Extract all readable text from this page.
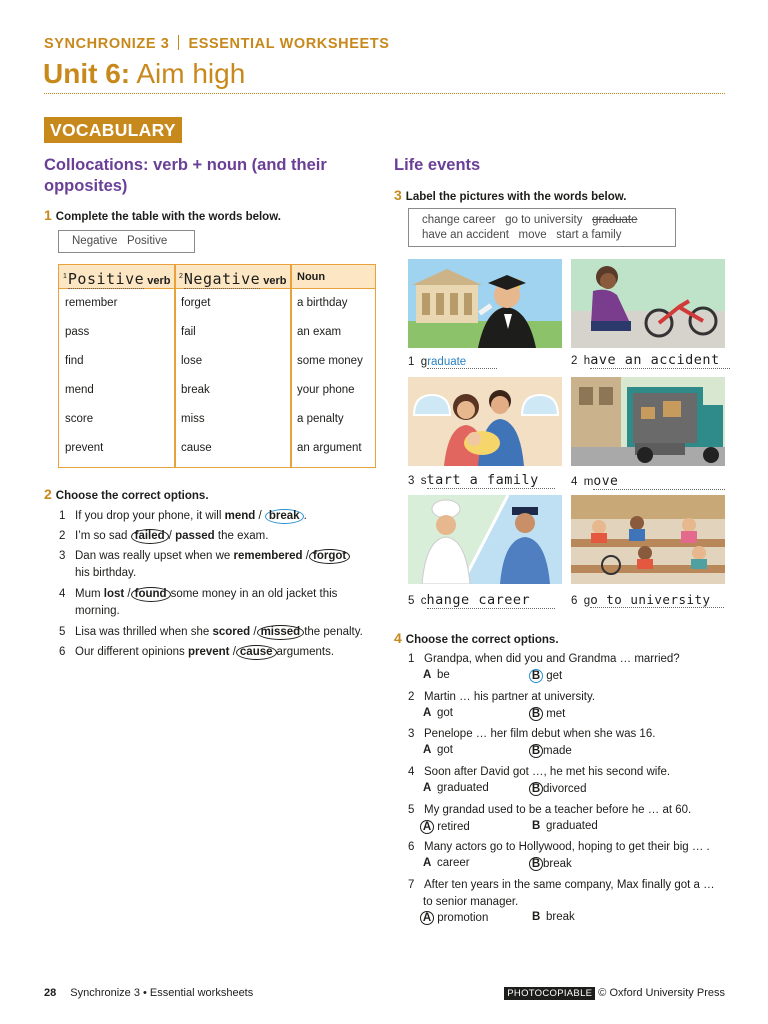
SYNCHRONIZE 3 ESSENTIAL WORKSHEETS
Unit 6: Aim high
VOCABULARY
Collocations: verb + noun (and their opposites)
1 Complete the table with the words below.
Negative Positive
$^1$Positive verb $^2$Negative verb Noun
remember	forget	a birthday
pass	fail	an exam
find	lose	some money
mend	break	your phone
score	miss	a penalty
prevent	cause	an argument
2 Choose the correct options.
1 If you drop your phone, it will mend / break .
2 I’m so sad failed / passed the exam.
3 Dan was really upset when we remembered / forgot
his birthday.
4 Mum lost / found some money in an old jacket this
morning.
5 Lisa was thrilled when she scored / missed the penalty.
6 Our different opinions prevent / cause arguments.
Life events
3 Label the pictures with the words below.
change career go to university graduate
have an accident move start a family
1 graduate	2 have an accident
3 start a family	4 move
5 change career	6 go to university
4 Choose the correct options.
1 Grandpa, when did you and Grandma … married?
A be	B get
2 Martin … his partner at university.
A got	B met
3 Penelope … her film debut when she was 16.
A got	B made
4 Soon after David got …, he met his second wife.
A graduated	B divorced
5 My grandad used to be a teacher before he … at 60.
A retired	B graduated
6 Many actors go to Hollywood, hoping to get their big … .
A career	B break
7 After ten years in the same company, Max finally got a …
to senior manager.
A promotion	B break
28 Synchronize 3 • Essential worksheets	PHOTOCOPIABLE © Oxford University Press
